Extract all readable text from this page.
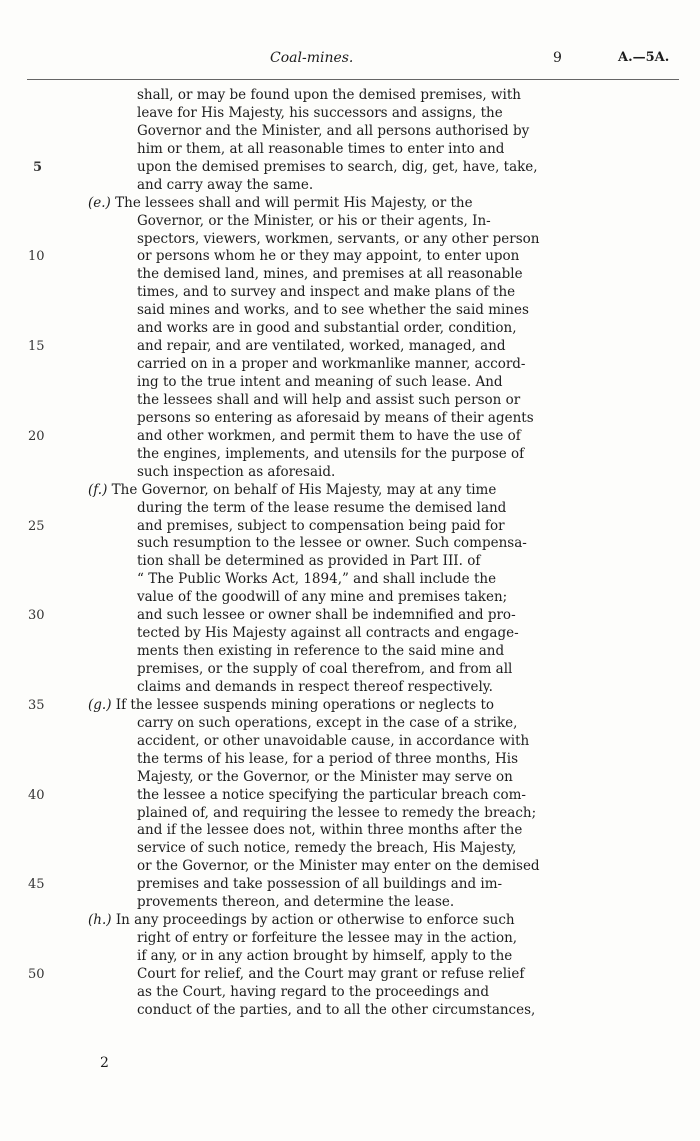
Coal-mines.	9	A.—5A.
shall, or may be found upon the demised premises, with
leave for His Majesty, his successors and assigns, the
Governor and the Minister, and all persons authorised by
him or them, at all reasonable times to enter into and
5	upon the demised premises to search, dig, get, have, take,
and carry away the same.
(e.) The lessees shall and will permit His Majesty, or the
Governor, or the Minister, or his or their agents, In-
spectors, viewers, workmen, servants, or any other person
10	or persons whom he or they may appoint, to enter upon
the demised land, mines, and premises at all reasonable
times, and to survey and inspect and make plans of the
said mines and works, and to see whether the said mines
and works are in good and substantial order, condition,
15	and repair, and are ventilated, worked, managed, and
carried on in a proper and workmanlike manner, accord-
ing to the true intent and meaning of such lease. And
the lessees shall and will help and assist such person or
persons so entering as aforesaid by means of their agents
20	and other workmen, and permit them to have the use of
the engines, implements, and utensils for the purpose of
such inspection as aforesaid.
(f.) The Governor, on behalf of His Majesty, may at any time
during the term of the lease resume the demised land
25	and premises, subject to compensation being paid for
such resumption to the lessee or owner. Such compensa-
tion shall be determined as provided in Part III. of
“ The Public Works Act, 1894,” and shall include the
value of the goodwill of any mine and premises taken;
30	and such lessee or owner shall be indemnified and pro-
tected by His Majesty against all contracts and engage-
ments then existing in reference to the said mine and
premises, or the supply of coal therefrom, and from all
claims and demands in respect thereof respectively.
35	(g.) If the lessee suspends mining operations or neglects to
carry on such operations, except in the case of a strike,
accident, or other unavoidable cause, in accordance with
the terms of his lease, for a period of three months, His
Majesty, or the Governor, or the Minister may serve on
40	the lessee a notice specifying the particular breach com-
plained of, and requiring the lessee to remedy the breach;
and if the lessee does not, within three months after the
service of such notice, remedy the breach, His Majesty,
or the Governor, or the Minister may enter on the demised
45	premises and take possession of all buildings and im-
provements thereon, and determine the lease.
(h.) In any proceedings by action or otherwise to enforce such
right of entry or forfeiture the lessee may in the action,
if any, or in any action brought by himself, apply to the
50	Court for relief, and the Court may grant or refuse relief
as the Court, having regard to the proceedings and
conduct of the parties, and to all the other circumstances,
2
